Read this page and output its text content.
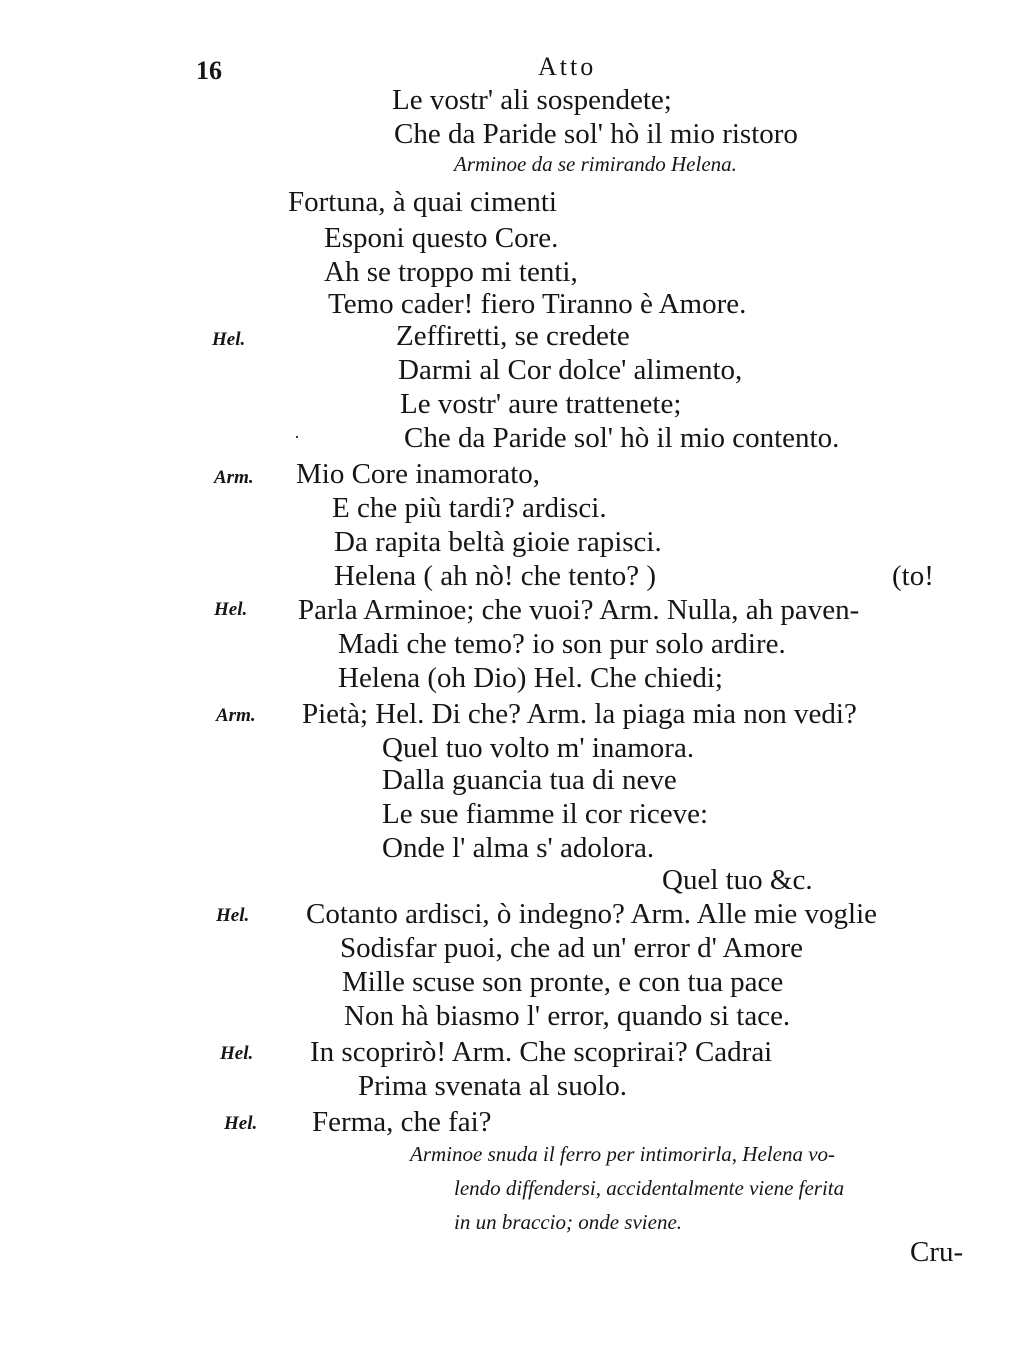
16	Atto
Le vostr' ali sospendete;
Che da Paride sol' hò il mio ristoro
Arminoe da se rimirando Helena.
Fortuna, à quai cimenti
Esponi questo Core.
Ah se troppo mi tenti,
Temo cader! fiero Tiranno è Amore.
Hel.	Zeffiretti, se credete
Darmi al Cor dolce' alimento,
Le vostr' aure trattenete;
·	Che da Paride sol' hò il mio contento.
Arm. Mio Core inamorato,
E che più tardi? ardisci.
Da rapita beltà gioie rapisci.
Helena ( ah nò! che tento? )	(to!
Hel. Parla Arminoe; che vuoi? Arm. Nulla, ah paven-
Madi che temo? io son pur solo ardire.
Helena (oh Dio) Hel. Che chiedi;
Arm. Pietà; Hel. Di che? Arm. la piaga mia non vedi?
Quel tuo volto m' inamora.
Dalla guancia tua di neve
Le sue fiamme il cor riceve:
Onde l' alma s' adolora.
Quel tuo &c.
Hel. Cotanto ardisci, ò indegno? Arm. Alle mie voglie
Sodisfar puoi, che ad un' error d' Amore
Mille scuse son pronte, e con tua pace
Non hà biasmo l' error, quando si tace.
Hel. In scoprirò! Arm. Che scoprirai? Cadrai
Prima svenata al suolo.
Hel. Ferma, che fai?
Arminoe snuda il ferro per intimorirla, Helena vo-
lendo diffendersi, accidentalmente viene ferita
in un braccio; onde sviene.
Cru-
